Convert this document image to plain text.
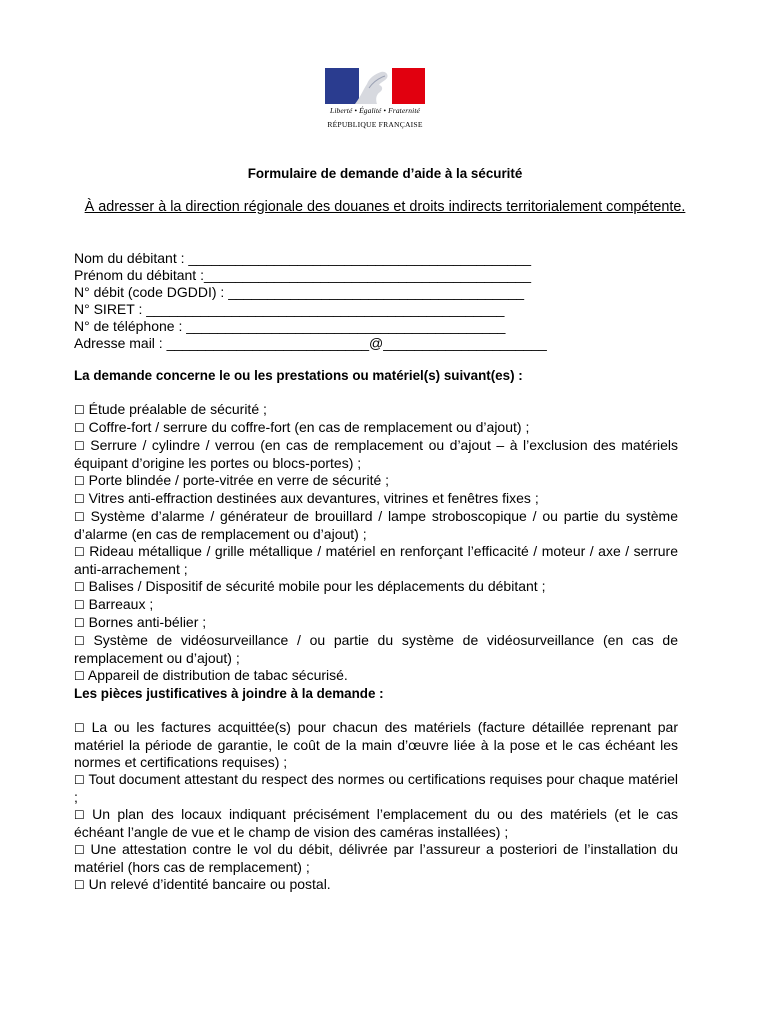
Liberté • Égalité • Fraternité
RÉPUBLIQUE FRANÇAISE
Formulaire de demande d’aide à la sécurité
À adresser à la direction régionale des douanes et droits indirects territorialement compétente.
Nom du débitant : ____________________________________________
Prénom du débitant :__________________________________________
N° débit (code DGDDI) : ______________________________________
N° SIRET : ______________________________________________
N° de téléphone : _________________________________________
Adresse mail : __________________________@_____________________
La demande concerne le ou les prestations ou matériel(s) suivant(es) :
☐ Étude préalable de sécurité ;
☐ Coffre-fort / serrure du coffre-fort (en cas de remplacement ou d’ajout) ;
☐ Serrure / cylindre / verrou (en cas de remplacement ou d’ajout – à l’exclusion des matériels équipant d’origine les portes ou blocs-portes) ;
☐ Porte blindée / porte-vitrée en verre de sécurité ;
☐ Vitres anti-effraction destinées aux devantures, vitrines et fenêtres fixes ;
☐ Système d’alarme / générateur de brouillard / lampe stroboscopique / ou partie du système d’alarme (en cas de remplacement ou d’ajout) ;
☐ Rideau métallique / grille métallique / matériel en renforçant l’efficacité / moteur / axe / serrure anti-arrachement ;
☐ Balises / Dispositif de sécurité mobile pour les déplacements du débitant ;
☐ Barreaux ;
☐ Bornes anti-bélier ;
☐ Système de vidéosurveillance / ou partie du système de vidéosurveillance (en cas de remplacement ou d’ajout) ;
☐ Appareil de distribution de tabac sécurisé.
Les pièces justificatives à joindre à la demande :
☐ La ou les factures acquittée(s) pour chacun des matériels (facture détaillée reprenant par matériel la période de garantie, le coût de la main d’œuvre liée à la pose et le cas échéant les normes et certifications requises) ;
☐ Tout document attestant du respect des normes ou certifications requises pour chaque matériel ;
☐ Un plan des locaux indiquant précisément l’emplacement du ou des matériels (et le cas échéant l’angle de vue et le champ de vision des caméras installées) ;
☐ Une attestation contre le vol du débit, délivrée par l’assureur a posteriori de l’installation du matériel (hors cas de remplacement) ;
☐ Un relevé d’identité bancaire ou postal.
